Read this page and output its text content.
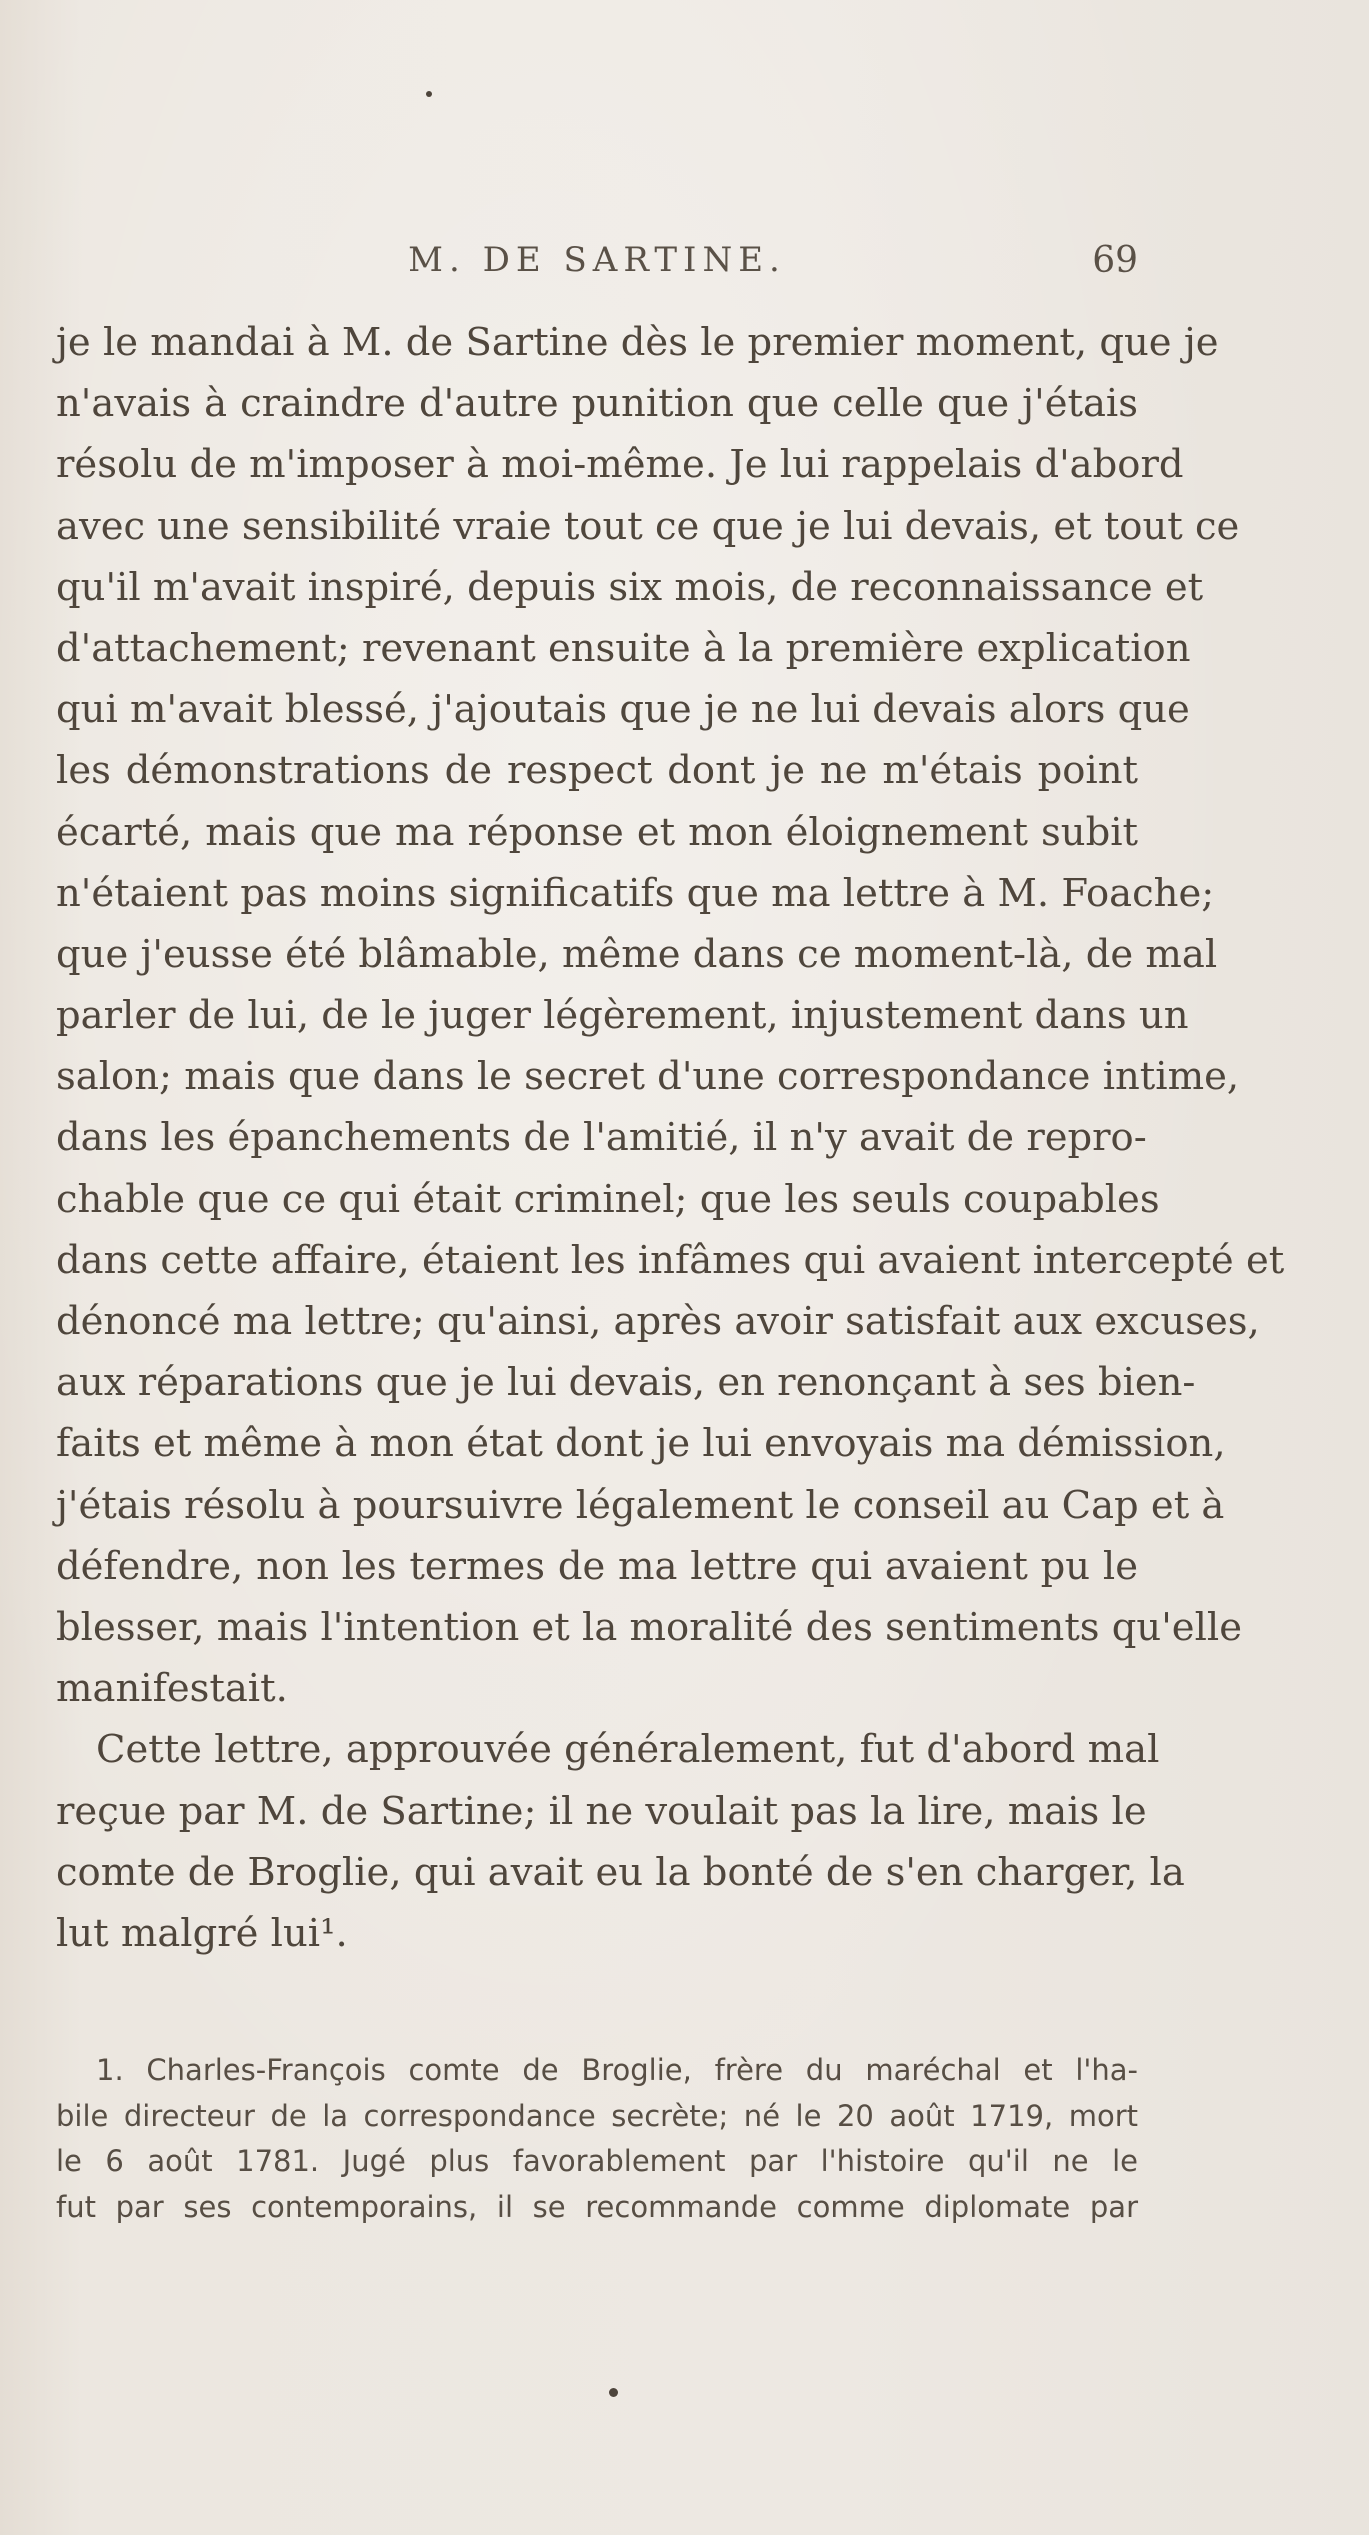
M. DE SARTINE.	69
je le mandai à M. de Sartine dès le premier moment, que je
n'avais à craindre d'autre punition que celle que j'étais
résolu de m'imposer à moi-même. Je lui rappelais d'abord
avec une sensibilité vraie tout ce que je lui devais, et tout ce
qu'il m'avait inspiré, depuis six mois, de reconnaissance et
d'attachement; revenant ensuite à la première explication
qui m'avait blessé, j'ajoutais que je ne lui devais alors que
les démonstrations de respect dont je ne m'étais point
écarté, mais que ma réponse et mon éloignement subit
n'étaient pas moins significatifs que ma lettre à M. Foache;
que j'eusse été blâmable, même dans ce moment-là, de mal
parler de lui, de le juger légèrement, injustement dans un
salon; mais que dans le secret d'une correspondance intime,
dans les épanchements de l'amitié, il n'y avait de repro-
chable que ce qui était criminel; que les seuls coupables
dans cette affaire, étaient les infâmes qui avaient intercepté et
dénoncé ma lettre; qu'ainsi, après avoir satisfait aux excuses,
aux réparations que je lui devais, en renonçant à ses bien-
faits et même à mon état dont je lui envoyais ma démission,
j'étais résolu à poursuivre légalement le conseil au Cap et à
défendre, non les termes de ma lettre qui avaient pu le
blesser, mais l'intention et la moralité des sentiments qu'elle
manifestait.
Cette lettre, approuvée généralement, fut d'abord mal
reçue par M. de Sartine; il ne voulait pas la lire, mais le
comte de Broglie, qui avait eu la bonté de s'en charger, la
lut malgré lui¹.
1. Charles-François comte de Broglie, frère du maréchal et l'ha-
bile directeur de la correspondance secrète; né le 20 août 1719, mort
le 6 août 1781. Jugé plus favorablement par l'histoire qu'il ne le
fut par ses contemporains, il se recommande comme diplomate par
